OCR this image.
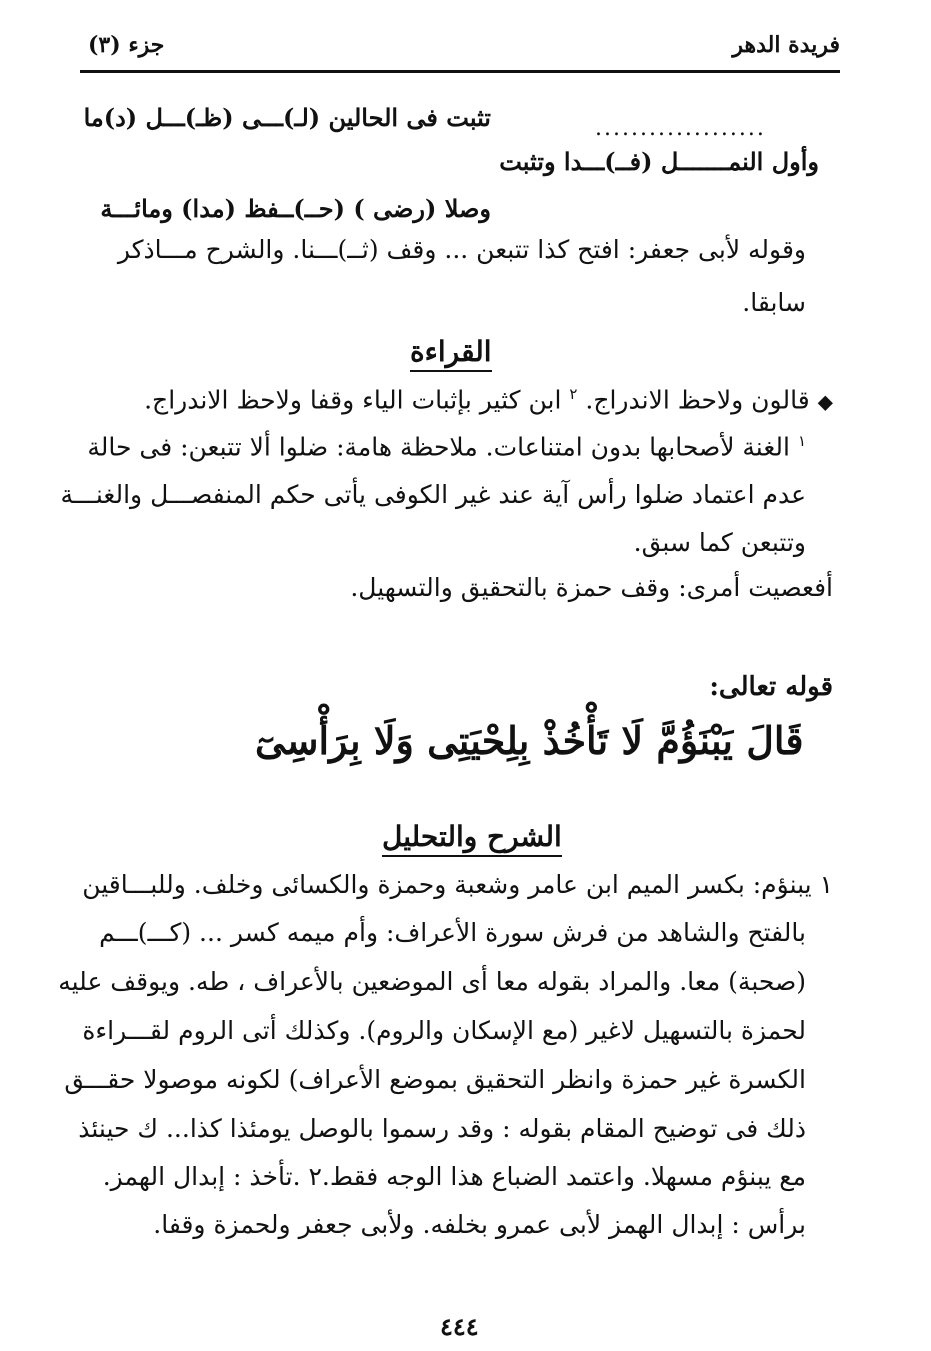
فريدة الدهر
جزء (٣)
...................
تثبت فى الحالين (لـ)ـــى (ظـ)ـــل (د)ما
وأول النمـــــــل (فــ)ـــدا وتثبت
وصلا (رضى ) (حــ)ــفظ (مدا) ومائـــة
وقوله لأبى جعفر: افتح كذا تتبعن ... وقف (ثــ)ـــنا. والشرح مـــاذكر
سابقا.
القراءة
◆ قالون ولاحظ الاندراج. $^٢$ ابن كثير بإثبات الياء وقفا ولاحظ الاندراج.
$^١$ الغنة لأصحابها بدون امتناعات. ملاحظة هامة: ضلوا ألا تتبعن: فى حالة
عدم اعتماد ضلوا رأس آية عند غير الكوفى يأتى حكم المنفصـــل والغنـــة
وتتبعن كما سبق.
أفعصيت أمرى: وقف حمزة بالتحقيق والتسهيل.
قوله تعالى:
قَالَ يَبْنَؤُمَّ لَا تَأْخُذْ بِلِحْيَتِى وَلَا بِرَأْسِىٓ
الشرح والتحليل
١ يبنؤم: بكسر الميم ابن عامر وشعبة وحمزة والكسائى وخلف. وللبـــاقين
بالفتح والشاهد من فرش سورة الأعراف: وأم ميمه كسر ... (كـــ)ـــم
(صحبة) معا. والمراد بقوله معا أى الموضعين بالأعراف ، طه. ويوقف عليه
لحمزة بالتسهيل لاغير (مع الإسكان والروم). وكذلك أتى الروم لقـــراءة
الكسرة غير حمزة وانظر التحقيق بموضع الأعراف) لكونه موصولا حقـــق
ذلك فى توضيح المقام بقوله : وقد رسموا بالوصل يومئذا كذا... ك حينئذ
مع يبنؤم مسهلا. واعتمد الضباع هذا الوجه فقط.٢ .تأخذ : إبدال الهمز.
برأس : إبدال الهمز لأبى عمرو بخلفه. ولأبى جعفر ولحمزة وقفا.
٤٤٤
